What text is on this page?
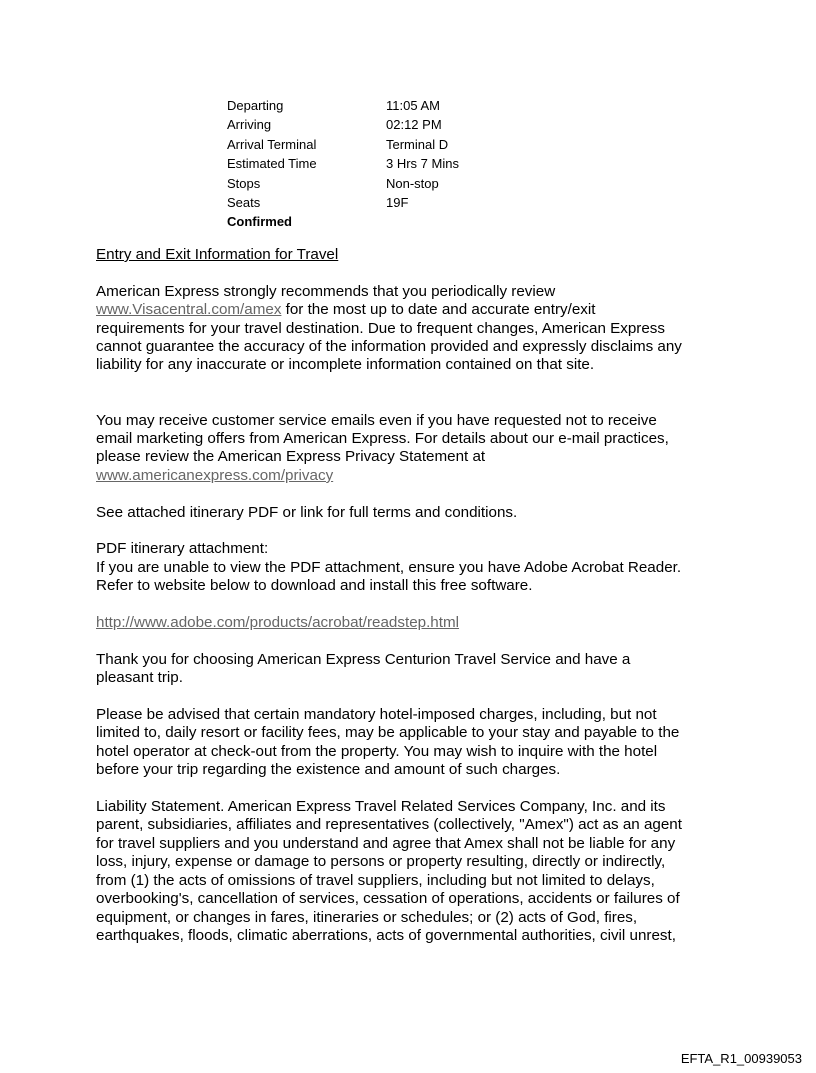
Departing	11:05 AM
Arriving	02:12 PM
Arrival Terminal	Terminal D
Estimated Time	3 Hrs 7 Mins
Stops	Non-stop
Seats	19F
Confirmed

Entry and Exit Information for Travel

American Express strongly recommends that you periodically review

www.Visacentral.com/amex for the most up to date and accurate entry/exit

requirements for your travel destination. Due to frequent changes, American Express

cannot guarantee the accuracy of the information provided and expressly disclaims any

liability for any inaccurate or incomplete information contained on that site.

You may receive customer service emails even if you have requested not to receive

email marketing offers from American Express. For details about our e-mail practices,

please review the American Express Privacy Statement at

www.americanexpress.com/privacy

See attached itinerary PDF or link for full terms and conditions.

PDF itinerary attachment:

If you are unable to view the PDF attachment, ensure you have Adobe Acrobat Reader.

Refer to website below to download and install this free software.

http://www.adobe.com/products/acrobat/readstep.html

Thank you for choosing American Express Centurion Travel Service and have a

pleasant trip.

Please be advised that certain mandatory hotel-imposed charges, including, but not

limited to, daily resort or facility fees, may be applicable to your stay and payable to the

hotel operator at check-out from the property. You may wish to inquire with the hotel

before your trip regarding the existence and amount of such charges.

Liability Statement. American Express Travel Related Services Company, Inc. and its

parent, subsidiaries, affiliates and representatives (collectively, "Amex") act as an agent

for travel suppliers and you understand and agree that Amex shall not be liable for any

loss, injury, expense or damage to persons or property resulting, directly or indirectly,

from (1) the acts of omissions of travel suppliers, including but not limited to delays,

overbooking's, cancellation of services, cessation of operations, accidents or failures of

equipment, or changes in fares, itineraries or schedules; or (2) acts of God, fires,

earthquakes, floods, climatic aberrations, acts of governmental authorities, civil unrest,

EFTA_R1_00939053
